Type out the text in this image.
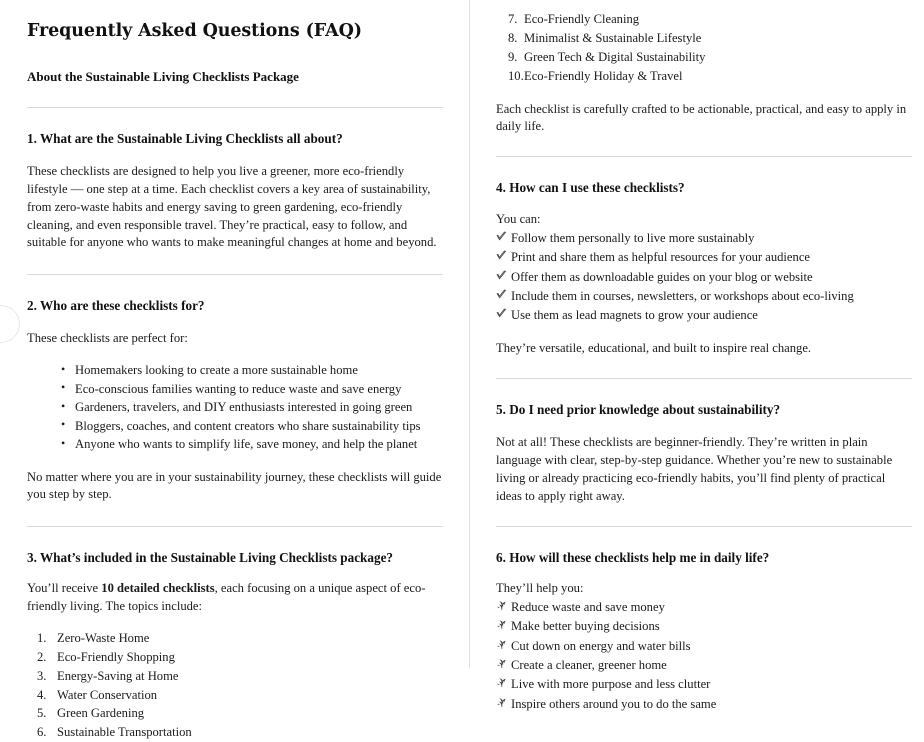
Frequently Asked Questions (FAQ)
About the Sustainable Living Checklists Package
1. What are the Sustainable Living Checklists all about?

These checklists are designed to help you live a greener, more eco-friendly lifestyle — one step at a time. Each checklist covers a key area of sustainability, from zero-waste habits and energy saving to green gardening, eco-friendly cleaning, and even responsible travel. They’re practical, easy to follow, and suitable for anyone who wants to make meaningful changes at home and beyond.

2. Who are these checklists for?

These checklists are perfect for:

• Homemakers looking to create a more sustainable home
• Eco-conscious families wanting to reduce waste and save energy
• Gardeners, travelers, and DIY enthusiasts interested in going green
• Bloggers, coaches, and content creators who share sustainability tips
• Anyone who wants to simplify life, save money, and help the planet

No matter where you are in your sustainability journey, these checklists will guide you step by step.

3. What’s included in the Sustainable Living Checklists package?

You’ll receive 10 detailed checklists, each focusing on a unique aspect of eco-friendly living. The topics include:

1. Zero-Waste Home
2. Eco-Friendly Shopping
3. Energy-Saving at Home
4. Water Conservation
5. Green Gardening
6. Sustainable Transportation
7. Eco-Friendly Cleaning
8. Minimalist & Sustainable Lifestyle
9. Green Tech & Digital Sustainability
10. Eco-Friendly Holiday & Travel

Each checklist is carefully crafted to be actionable, practical, and easy to apply in daily life.

4. How can I use these checklists?

You can:

Follow them personally to live more sustainably
Print and share them as helpful resources for your audience
Offer them as downloadable guides on your blog or website
Include them in courses, newsletters, or workshops about eco-living
Use them as lead magnets to grow your audience

They’re versatile, educational, and built to inspire real change.

5. Do I need prior knowledge about sustainability?

Not at all! These checklists are beginner-friendly. They’re written in plain language with clear, step-by-step guidance. Whether you’re new to sustainable living or already practicing eco-friendly habits, you’ll find plenty of practical ideas to apply right away.

6. How will these checklists help me in daily life?

They’ll help you:

Reduce waste and save money
Make better buying decisions
Cut down on energy and water bills
Create a cleaner, greener home
Live with more purpose and less clutter
Inspire others around you to do the same
